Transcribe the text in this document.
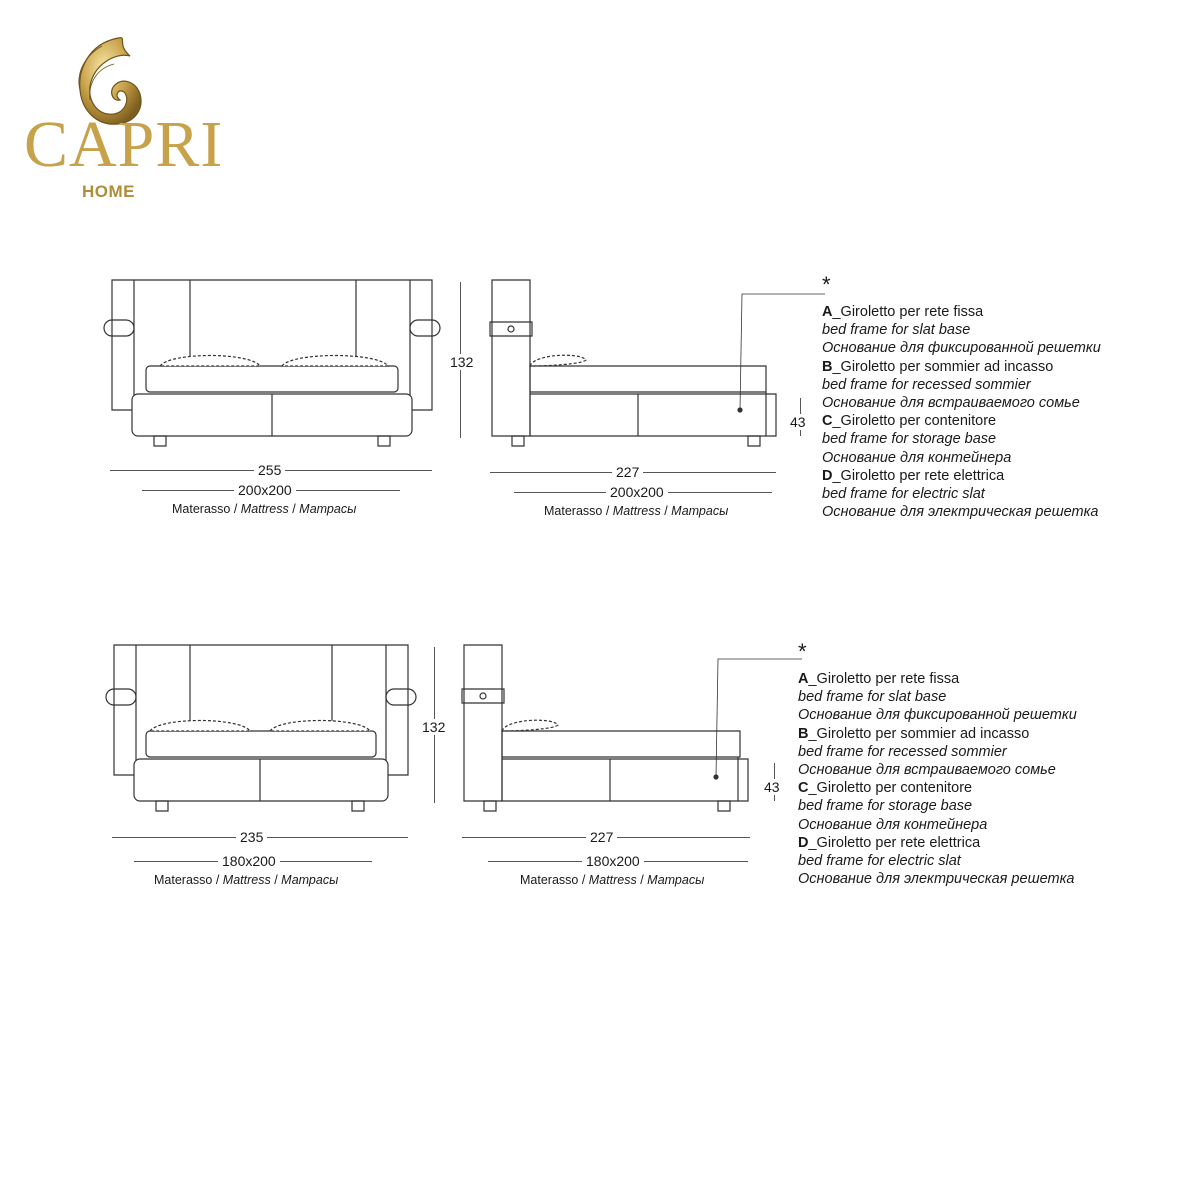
CAPRI
HOME
132
255
200x200
Materasso / Mattress / Матрасы
43
227
200x200
Materasso / Mattress / Матрасы
*
A_Giroletto per rete fissa
bed frame for slat base
Основание для фиксированной решетки
B_Giroletto per sommier ad incasso
bed frame for recessed sommier
Основание для встраиваемого сомье
C_Giroletto per contenitore
bed frame for storage base
Основание для контейнера
D_Giroletto per rete elettrica
bed frame for electric slat
Основание для электрическая решетка
132
235
180x200
Materasso / Mattress / Матрасы
43
227
180x200
Materasso / Mattress / Матрасы
*
A_Giroletto per rete fissa
bed frame for slat base
Основание для фиксированной решетки
B_Giroletto per sommier ad incasso
bed frame for recessed sommier
Основание для встраиваемого сомье
C_Giroletto per contenitore
bed frame for storage base
Основание для контейнера
D_Giroletto per rete elettrica
bed frame for electric slat
Основание для электрическая решетка
